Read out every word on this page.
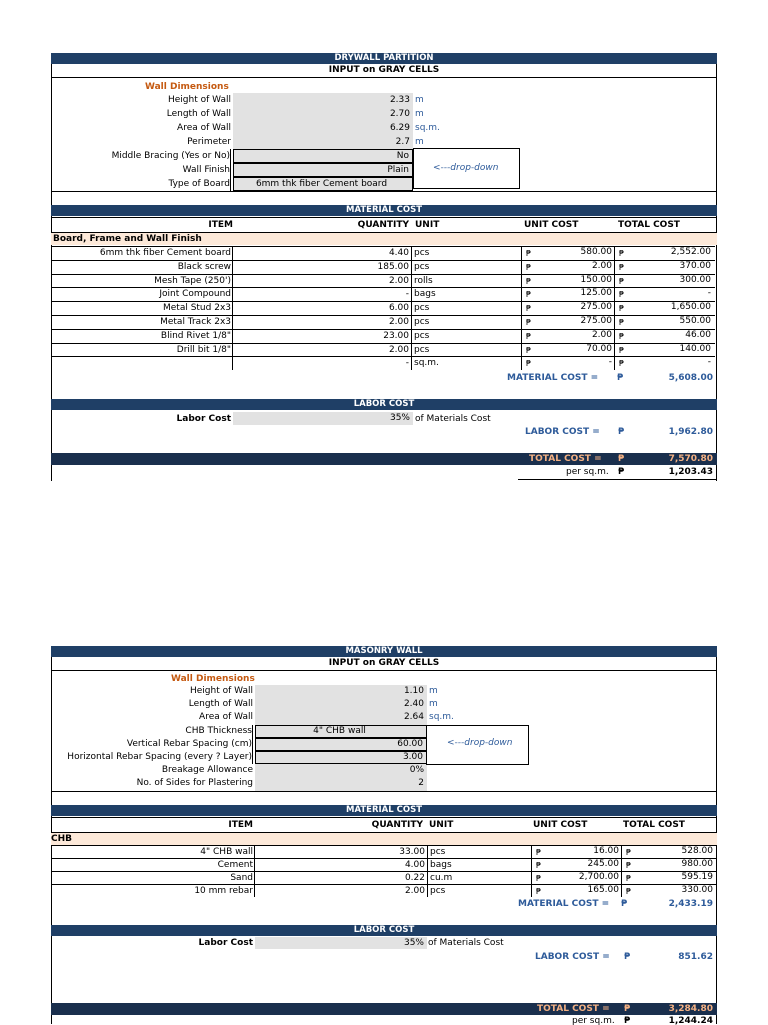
DRYWALL PARTITION
INPUT on GRAY CELLS
Wall Dimensions
Height of Wall	2.33 m
Length of Wall	2.70 m
Area of Wall	6.29 sq.m.
Perimeter	2.7 m
Middle Bracing (Yes or No)	No
Wall Finish	Plain
Type of Board	6mm thk fiber Cement board
<---drop-down
MATERIAL COST
ITEM	QUANTITY UNIT	UNIT COST	TOTAL COST
Board, Frame and Wall Finish
6mm thk fiber Cement board	4.40 pcs	₱	580.00 ₱	2,552.00
Black screw	185.00 pcs	₱	2.00 ₱	370.00
Mesh Tape (250')	2.00 rolls	₱	150.00 ₱	300.00
Joint Compound	- bags	₱	125.00 ₱	-
Metal Stud 2x3	6.00 pcs	₱	275.00 ₱	1,650.00
Metal Track 2x3	2.00 pcs	₱	275.00 ₱	550.00
Blind Rivet 1/8"	23.00 pcs	₱	2.00 ₱	46.00
Drill bit 1/8"	2.00 pcs	₱	70.00 ₱	140.00
- sq.m.	₱	- ₱	-
MATERIAL COST = ₱	5,608.00
LABOR COST
Labor Cost	35% of Materials Cost
LABOR COST = ₱	1,962.80
TOTAL COST = ₱	7,570.80
per sq.m. ₱	1,203.43
MASONRY WALL
INPUT on GRAY CELLS
Wall Dimensions
Height of Wall	1.10 m
Length of Wall	2.40 m
Area of Wall	2.64 sq.m.
CHB Thickness	4" CHB wall
Vertical Rebar Spacing (cm)	60.00
Horizontal Rebar Spacing (every ? Layer)	3.00
Breakage Allowance	0%
No. of Sides for Plastering	2
<---drop-down
MATERIAL COST
ITEM	QUANTITY UNIT	UNIT COST	TOTAL COST
CHB
4" CHB wall	33.00 pcs	₱	16.00 ₱	528.00
Cement	4.00 bags	₱	245.00 ₱	980.00
Sand	0.22 cu.m	₱	2,700.00 ₱	595.19
10 mm rebar	2.00 pcs	₱	165.00 ₱	330.00
MATERIAL COST = ₱	2,433.19
LABOR COST
Labor Cost	35% of Materials Cost
LABOR COST = ₱	851.62
TOTAL COST = ₱	3,284.80
per sq.m. ₱	1,244.24
